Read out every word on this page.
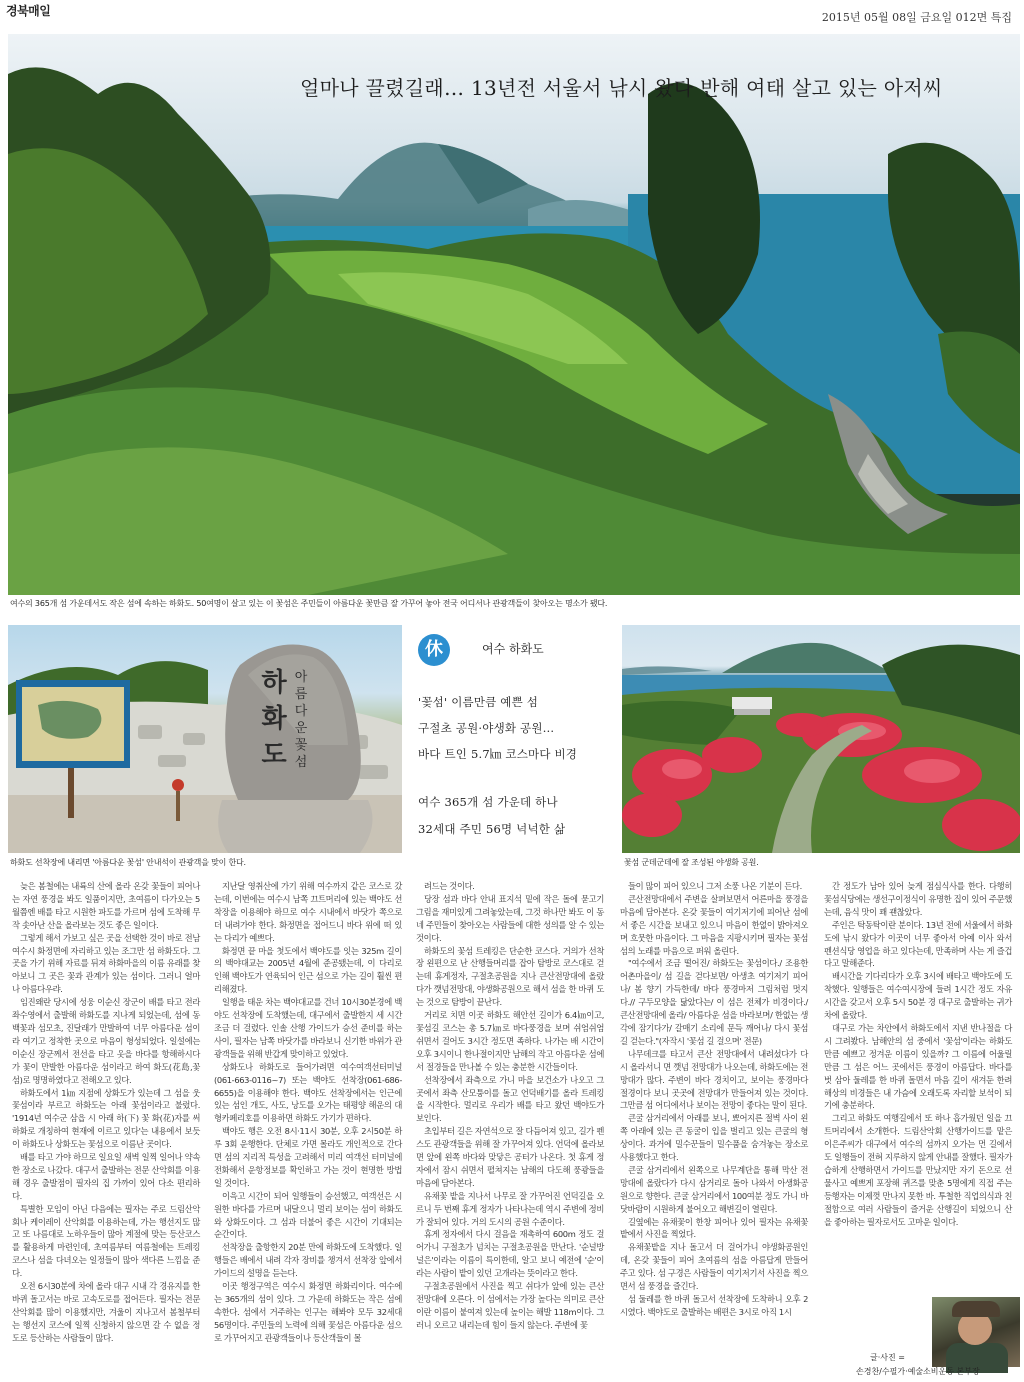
경북매일	2015년 05월 08일 금요일 012면 특집
얼마나 끌렸길래… 13년전 서울서 낚시 왔다 반해 여태 살고 있는 아저씨
여수의 365개 섬 가운데서도 작은 섬에 속하는 하화도. 50여명이 살고 있는 이 꽃섬은 주민들이 아름다운 꽃만큼 잘 가꾸어 놓아 전국 어디서나 관광객들이 찾아오는 명소가 됐다.
하화도
아름다운 꽃섬
하화도 선착장에 내리면 '아름다운 꽃섬' 안내석이 관광객을 맞이 한다.
休	여수 하화도
'꽃섬' 이름만큼 예쁜 섬
구절초 공원·야생화 공원…
바다 트인 5.7㎞ 코스마다 비경
여수 365개 섬 가운데 하나
32세대 주민 56명 넉넉한 삶
꽃섬 군데군데에 잘 조성된 야생화 공원.

늦은 봄철에는 내륙의 산에 올라 온갖 꽃들이 피어나는 자연 풍경을 봐도 일품이지만, 초여름이 다가오는 5월쯤엔 배를 타고 시원한 파도를 가르며 섬에 도착해 무작 솟아난 산을 올라보는 것도 좋은 일이다.

그렇게 해서 가보고 싶은 곳을 선택한 것이 바로 전남 여수시 화정면에 자리하고 있는 조그만 섬 하화도다. 그곳을 가기 위해 자료를 뒤져 하화마을의 이름 유래를 찾아보니 그 곳은 꽃과 관계가 있는 섬이다. 그러니 얼마나 아름다우랴.

임진왜란 당시에 성웅 이순신 장군이 배를 타고 전라좌수영에서 출발해 하화도를 지나게 되었는데, 섬에 동백꽃과 섬모초, 진달래가 만발하여 너무 아름다운 섬이라 여기고 정착한 곳으로 마음이 형성되었다. 일설에는 이순신 장군께서 전선을 타고 옷을 바다를 항해하시다가 꽃이 만발한 아름다운 섬이라고 하여 화도(花島,꽃섬)로 명명하였다고 전해오고 있다.

하화도에서 1㎞ 지점에 상화도가 있는데 그 섬을 웃꽃섬이라 부르고 하화도는 아래 꽃섬이라고 불렀다. '1914년 여수군 삼읍 시 아래 하(下) 꽃 화(花)자를 써 하화로 개칭하여 현재에 이르고 있다'는 내용에서 보듯이 하화도나 상화도는 꽃섬으로 이름난 곳이다.

배를 타고 가야 하므로 일요일 새벽 일찍 일어나 약속한 장소로 나갔다. 대구서 출발하는 전문 산악회를 이용해 경우 출발점이 필자의 집 가까이 있어 다소 편리하다.

특별한 모임이 아닌 다음에는 필자는 주로 드림산악회나 케이레이 산악회를 이용하는데, 가는 행선지도 많고 또 나름대로 노하우들이 많아 계절에 맞는 등산코스를 활용하게 마련인데, 초여름부터 여름철에는 트레킹코스나 섬을 다녀오는 일정들이 많아 색다른 느낌을 준다.

오전 6시30분에 차에 올라 대구 시내 각 경유지를 한 바퀴 돌고서는 바로 고속도로를 접어든다. 필자는 전문산악회를 많이 이용했지만, 겨울이 지나고서 봄철부터는 행선지 코스에 일찍 신청하지 않으면 갈 수 없을 정도로 등산하는 사람들이 많다.

지난달 영취산에 가기 위해 여수까지 같은 코스로 갔는데, 이번에는 여수시 남쪽 끄트머리에 있는 백야도 선착장을 이용해야 하므로 여수 시내에서 바닷가 쪽으로 더 내려가야 한다. 화정면을 접어드니 바다 위에 떠 있는 다리가 예쁘다.

화정면 끝 마을 첫도에서 백야도를 잇는 325m 길이의 백야대교는 2005년 4월에 준공됐는데, 이 다리로 인해 백야도가 연육되어 인근 섬으로 가는 길이 훨씬 편리해졌다.

일행을 태운 차는 백야대교를 건너 10시30분경에 백야도 선착장에 도착했는데, 대구에서 출발한지 세 시간 조금 더 걸렸다. 인솔 산행 가이드가 승선 준비를 하는 사이, 필자는 남쪽 바닷가를 바라보니 신기한 바위가 관광객들을 위해 반갑게 맞이하고 있었다.

상화도나 하화도로 들어가려면 여수여객선터미널(061-663-0116~7) 또는 백야도 선착장(061-686-6655)을 이용해야 한다. 백야도 선착장에서는 인근에 있는 섬인 개도, 사도, 낭도를 오가는 태평양 해운의 대형카페리호를 이용하면 하화도 가기가 편하다.

백야도 행은 오전 8시·11시 30분, 오후 2시50분 하루 3회 운행한다. 단체로 가면 몰라도 개인적으로 간다면 섬의 지리적 특성을 고려해서 미리 여객선 터미널에 전화해서 운항정보를 확인하고 가는 것이 현명한 방법일 것이다.

이윽고 시간이 되어 일행들이 승선했고, 여객선은 시원한 바다를 가르며 내달으니 멀리 보이는 섬이 하화도와 상화도이다. 그 섬과 더불어 좋은 시간이 기대되는 순간이다.

선착장을 출항한지 20분 만에 하화도에 도착했다. 일행들은 배에서 내려 각자 장비를 챙겨서 선착장 앞에서 가이드의 설명을 듣는다.

이곳 행정구역은 여수시 화정면 하화리이다. 여수에는 365개의 섬이 있다. 그 가운데 하화도는 작은 섬에 속한다. 섬에서 거주하는 인구는 해봐야 모두 32세대 56명이다. 주민들의 노력에 의해 꽃섬은 아름다운 섬으로 가꾸어지고 관광객들이나 등산객들이 몰

려드는 것이다.

당장 섬과 바다 안내 표지석 밑에 작은 돌에 묻고기 그림을 재미있게 그려놓았는데, 그것 하나만 봐도 이 동네 주민들이 찾아오는 사람들에 대한 성의를 알 수 있는 것이다.

하화도의 꽃섬 트레킹은 단순한 코스다. 거의가 선착장 왼편으로 난 산행들머리를 잡아 탐방로 코스대로 걷는데 휴게정자, 구절초공원을 지나 큰산전망대에 올랐다가 깻넘전망대, 야생화공원으로 해서 섬을 한 바퀴 도는 것으로 탐방이 끝난다.

거리로 치면 이곳 하화도 해안선 길이가 6.4㎞이고, 꽃섬길 코스는 총 5.7㎞로 바다풍경을 보며 쉬엄쉬엄 쉬면서 걸어도 3시간 정도면 족하다. 나가는 배 시간이 오후 3시이니 한나절이지만 남해의 작고 아름다운 섬에서 절경들을 만나볼 수 있는 충분한 시간들이다.

선착장에서 좌측으로 가니 마을 보건소가 나오고 그 곳에서 좌측 산모퉁이를 돌고 언덕배기를 올라 트레킹을 시작한다. 멀리로 우리가 배를 타고 왔던 백야도가 보인다.

초입부터 길은 자연석으로 잘 다듬어져 있고, 길가 펜스도 관광객들을 위해 잘 가꾸어져 있다. 언덕에 올라보면 앞에 왼쪽 바다와 맞닿은 공터가 나온다. 첫 휴게 정자에서 잠시 쉬면서 펼쳐지는 남해의 다도해 풍광들을 마음에 담아본다.

유채꽃 밭을 지나서 나무로 잘 가꾸어진 언덕길을 오르니 두 번째 휴게 정자가 나타나는데 역시 주변에 정비가 잘되어 있다. 거의 도시의 공원 수준이다.

휴게 정자에서 다시 걸음을 재촉하여 600m 정도 걸어가니 구절초가 넘치는 구절초공원을 만난다. '순널방널은'이라는 이름이 특이한데, 알고 보니 예전에 '순'이라는 사람이 밭이 있던 고개라는 뜻이라고 한다.

구절초공원에서 사진을 찍고 쉬다가 앞에 있는 큰산 전망대에 오른다. 이 섬에서는 가장 높다는 의미로 큰산이란 이름이 붙여져 있는데 높이는 해발 118m이다. 그러니 오르고 내리는데 힘이 들지 않는다. 주변에 꽃

들이 많이 피어 있으니 그저 소풍 나온 기분이 든다.

큰산전망대에서 주변을 살펴보면서 어른마을 풍경을 마음에 담아본다. 온갖 꽃들이 여기저기에 피어난 섬에서 좋은 시간을 보내고 있으니 마음이 한없이 밝아져오며 흐뭇한 마음이다. 그 마음을 지팡시키며 필자는 꽃섬 섬의 노래를 마음으로 퍼워 올린다.

"여수에서 조금 떨어진/ 하화도는 꽃섬이다./ 조용한 어촌마을이/ 섬 길을 걷다보면/ 아생초 여기저기 피어나/ 봄 향기 가득한데/ 바다 풍경마저 그림처럼 멋지다.// 구두모양을 닮았다는/ 이 섬은 전체가 비경이다./ 큰산전망대에 올라/ 아름다운 섬을 바라보며/ 한없는 생각에 잠기다가/ 갈매기 소리에 문득 깨어나/ 다시 꽃섬 길 걷는다."(자작시 '꽃섬 길 걸으며' 전문)

나무데크를 타고서 큰산 전망대에서 내려섰다가 다시 올라서니 면 깻넘 전망대가 나오는데, 하화도에는 전망대가 많다. 주변이 바다 경치이고, 보이는 풍경마다 절경이다 보니 곳곳에 전망대가 만들어져 있는 것이다. 그만큼 섬 어디에서나 보이는 전망이 좋다는 말이 된다.

큰굴 삼거리에서 아래를 보니, 뾰어지른 절벽 사이 왼쪽 아래에 있는 큰 동굴이 입을 벌리고 있는 큰굴의 형상이다. 과거에 밀수꾼들이 밀수품을 숨겨놓는 장소로 사용했다고 한다.

큰굴 삼거리에서 왼쪽으로 나무계단을 통해 막산 전망대에 올랐다가 다시 삼거리로 돌아 나와서 아생화공원으로 향한다. 큰굴 삼거리에서 100여분 정도 가니 바닷바람이 시원하게 불어오고 해변길이 열린다.

길옆에는 유채꽃이 한창 피어나 있어 필자는 유채꽃 밭에서 사진을 찍었다.

유채꽃밭을 지나 돌고서 더 걸어가니 야생화공원인데, 온갖 꽃들이 피어 초여름의 섬을 아름답게 만들어 주고 있다. 섬 구경은 사람들이 여기저기서 사진을 찍으면서 섬 풍경을 즐긴다.

섬 둘레를 한 바퀴 돌고서 선착장에 도착하니 오후 2시였다. 백야도로 출발하는 배편은 3시로 아직 1시

간 정도가 남아 있어 늦게 점심식사를 한다. 다행히 꽃섬식당에는 생선구이정식이 유명한 집이 있어 주문했는데, 음식 맛이 꽤 괜찮았다.

주인은 탁동탁이란 분이다. 13년 전에 서울에서 하화도에 낚시 왔다가 이곳이 너무 좋아서 아예 이사 와서 펜션식당 영업을 하고 있다는데, 만족하며 사는 게 즐겁다고 말해준다.

배시간을 기다리다가 오후 3시에 배타고 백야도에 도착했다. 일행들은 여수여시장에 들려 1시간 정도 자유시간을 갖고서 오후 5시 50분 경 대구로 출발하는 귀가 차에 올랐다.

대구로 가는 차안에서 하화도에서 지낸 반나절을 다시 그려봤다. 남해안의 섬 중에서 '꽃섬'이라는 하화도 만큼 예쁘고 정겨운 이름이 있을까? 그 이름에 어울릴 만큼 그 섬은 어느 곳에서든 풍경이 아름답다. 바다를 벗 삼아 둘레를 한 바퀴 돌면서 마음 깊이 새겨둔 한려해상의 비경들은 내 가슴에 오래도록 자리할 보석이 되기에 충분하다.

그리고 하화도 여행길에서 또 하나 흡가웠던 일을 끄트머리에서 소개한다. 드림산악회 산행가이드를 맡은 이은주씨가 대구에서 여수의 섬까지 오가는 먼 길에서도 일행들이 전혀 지루하지 않게 안내를 잘했다. 필자가 습하게 산행하면서 가이드를 만났지만 자기 돈으로 선물사고 예쁘게 포장해 퀴즈를 맞춘 5명에게 직접 주는 등행자는 이제껏 만나지 못한 바. 투철한 직업의식과 친절함으로 여러 사람들이 즐거운 산행길이 되었으니 산을 좋아하는 필자로서도 고마운 일이다.

글·사진 =
손경찬/수필가·예술소비운동 본부장
